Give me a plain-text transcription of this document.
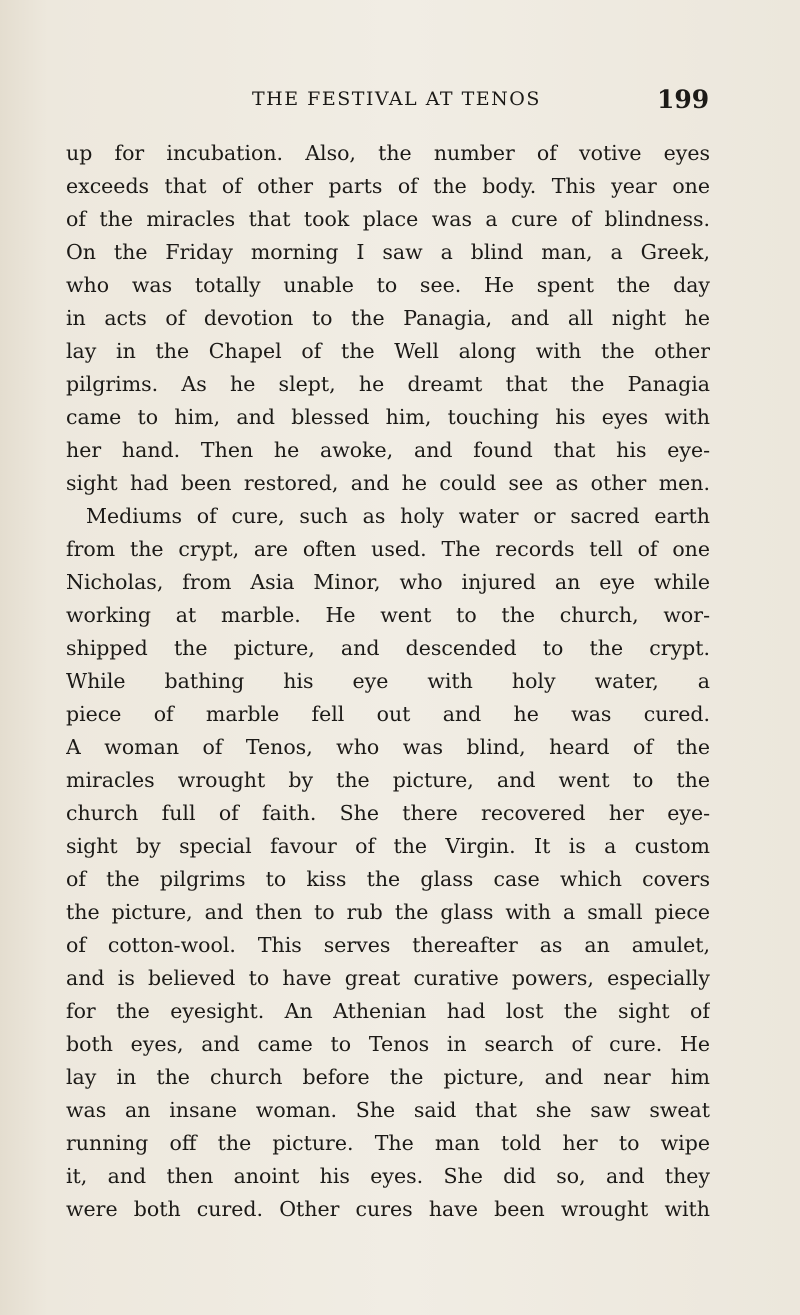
THE FESTIVAL AT TENOS	199
up for incubation. Also, the number of votive eyes
exceeds that of other parts of the body. This year one
of the miracles that took place was a cure of blindness.
On the Friday morning I saw a blind man, a Greek,
who was totally unable to see. He spent the day
in acts of devotion to the Panagia, and all night he
lay in the Chapel of the Well along with the other
pilgrims. As he slept, he dreamt that the Panagia
came to him, and blessed him, touching his eyes with
her hand. Then he awoke, and found that his eye-
sight had been restored, and he could see as other men.
Mediums of cure, such as holy water or sacred earth
from the crypt, are often used. The records tell of one
Nicholas, from Asia Minor, who injured an eye while
working at marble. He went to the church, wor-
shipped the picture, and descended to the crypt.
While bathing his eye with holy water, a
piece of marble fell out and he was cured.
A woman of Tenos, who was blind, heard of the
miracles wrought by the picture, and went to the
church full of faith. She there recovered her eye-
sight by special favour of the Virgin. It is a custom
of the pilgrims to kiss the glass case which covers
the picture, and then to rub the glass with a small piece
of cotton-wool. This serves thereafter as an amulet,
and is believed to have great curative powers, especially
for the eyesight. An Athenian had lost the sight of
both eyes, and came to Tenos in search of cure. He
lay in the church before the picture, and near him
was an insane woman. She said that she saw sweat
running off the picture. The man told her to wipe
it, and then anoint his eyes. She did so, and they
were both cured. Other cures have been wrought with
